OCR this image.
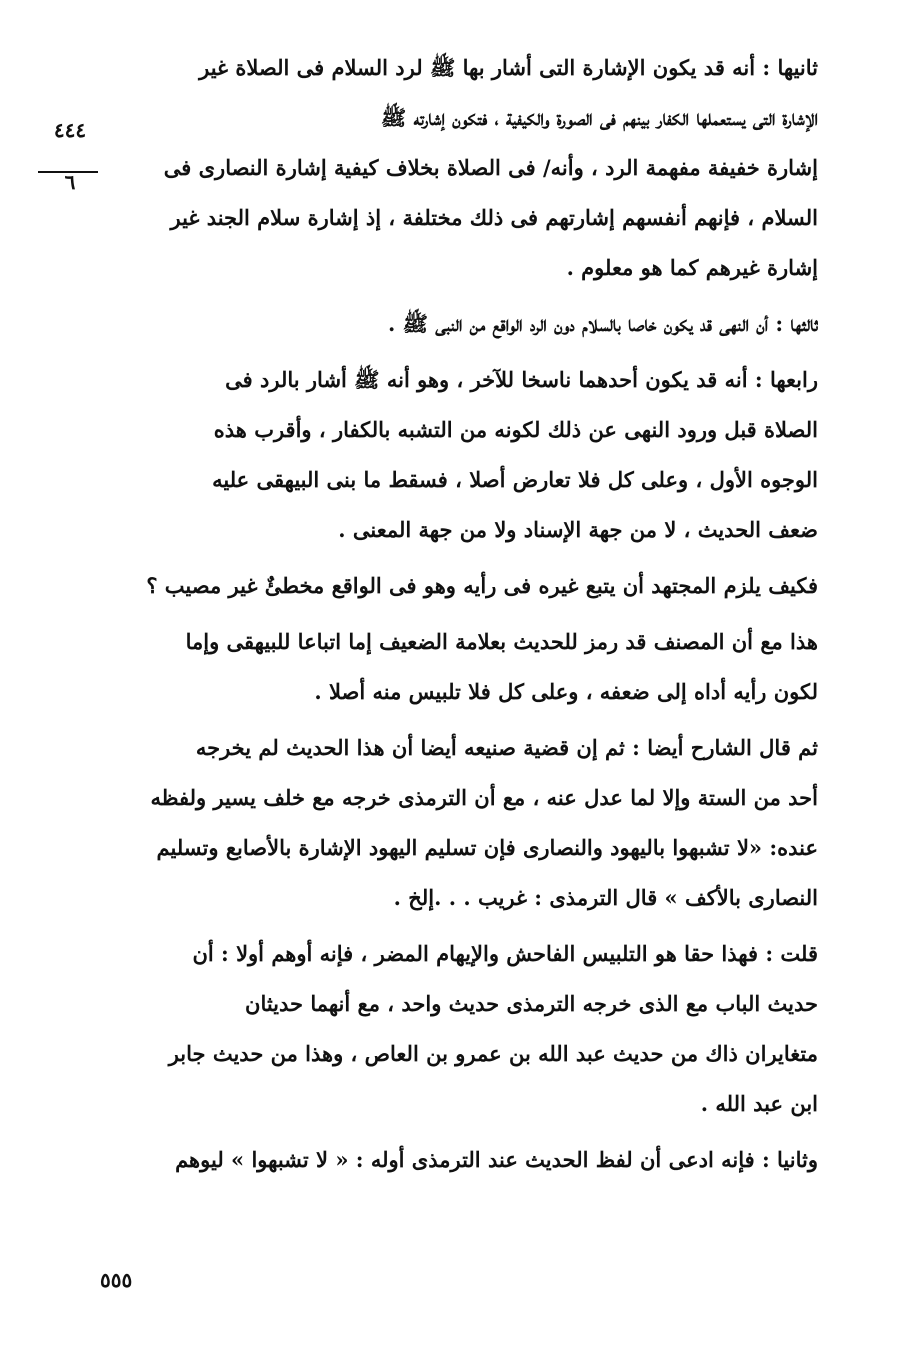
٤٤٤
٦
ثانيها : أنه قد يكون الإشارة التى أشار بها ﷺ لرد السلام فى الصلاة غير
الإشارة التى يستعملها الكفار بينهم فى الصورة والكيفية ، فتكون إشارته ﷺ
إشارة خفيفة مفهمة الرد ، وأنه/ فى الصلاة بخلاف كيفية إشارة النصارى فى
السلام ، فإنهم أنفسهم إشارتهم فى ذلك مختلفة ، إذ إشارة سلام الجند غير
إشارة غيرهم كما هو معلوم .
ثالثها : أن النهى قد يكون خاصا بالسلام دون الرد الواقع من النبى ﷺ .
رابعها : أنه قد يكون أحدهما ناسخا للآخر ، وهو أنه ﷺ أشار بالرد فى
الصلاة قبل ورود النهى عن ذلك لكونه من التشبه بالكفار ، وأقرب هذه
الوجوه الأول ، وعلى كل فلا تعارض أصلا ، فسقط ما بنى البيهقى عليه
ضعف الحديث ، لا من جهة الإسناد ولا من جهة المعنى .
فكيف يلزم المجتهد أن يتبع غيره فى رأيه وهو فى الواقع مخطئٌ غير مصيب ؟
هذا مع أن المصنف قد رمز للحديث بعلامة الضعيف إما اتباعا للبيهقى وإما
لكون رأيه أداه إلى ضعفه ، وعلى كل فلا تلبيس منه أصلا .
ثم قال الشارح أيضا : ثم إن قضية صنيعه أيضا أن هذا الحديث لم يخرجه
أحد من الستة وإلا لما عدل عنه ، مع أن الترمذى خرجه مع خلف يسير ولفظه
عنده: «لا تشبهوا باليهود والنصارى فإن تسليم اليهود الإشارة بالأصابع وتسليم
النصارى بالأكف » قال الترمذى : غريب . . .إلخ .
قلت : فهذا حقا هو التلبيس الفاحش والإيهام المضر ، فإنه أوهم أولا : أن
حديث الباب مع الذى خرجه الترمذى حديث واحد ، مع أنهما حديثان
متغايران ذاك من حديث عبد الله بن عمرو بن العاص ، وهذا من حديث جابر
ابن عبد الله .
وثانيا : فإنه ادعى أن لفظ الحديث عند الترمذى أوله : « لا تشبهوا » ليوهم
٥٥٥
